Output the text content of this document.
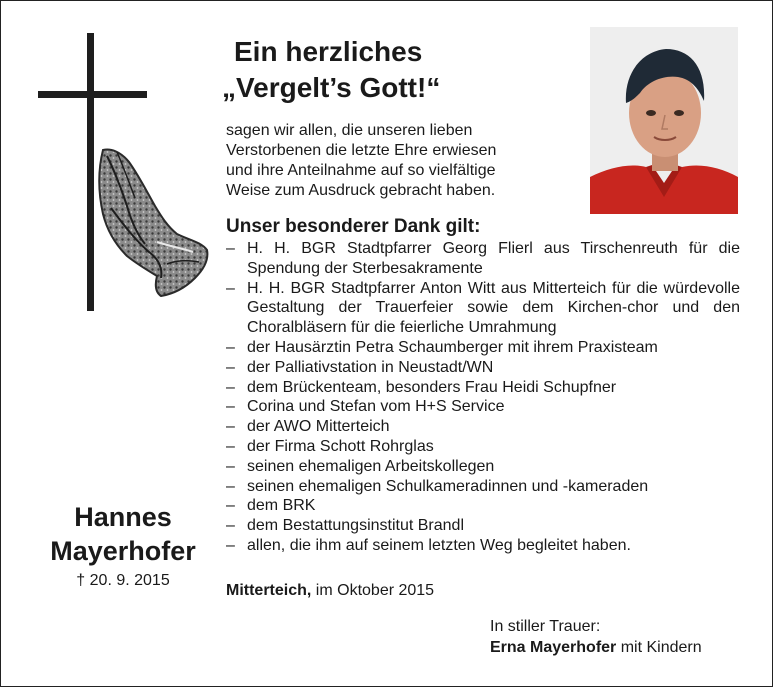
Ein herzliches
„Vergelt’s Gott!“
sagen wir allen, die unseren lieben
Verstorbenen die letzte Ehre erwiesen
und ihre Anteilnahme auf so vielfältige
Weise zum Ausdruck gebracht haben.
Unser besonderer Dank gilt:
– H. H. BGR Stadtpfarrer Georg Flierl aus Tirschenreuth für die Spendung der Sterbesakramente
– H. H. BGR Stadtpfarrer Anton Witt aus Mitterteich für die würdevolle Gestaltung der Trauerfeier sowie dem Kirchen-chor und den Choralbläsern für die feierliche Umrahmung
– der Hausärztin Petra Schaumberger mit ihrem Praxisteam
– der Palliativstation in Neustadt/WN
– dem Brückenteam, besonders Frau Heidi Schupfner
– Corina und Stefan vom H+S Service
– der AWO Mitterteich
– der Firma Schott Rohrglas
– seinen ehemaligen Arbeitskollegen
– seinen ehemaligen Schulkameradinnen und -kameraden
– dem BRK
– dem Bestattungsinstitut Brandl
– allen, die ihm auf seinem letzten Weg begleitet haben.
Hannes
Mayerhofer
† 20. 9. 2015
Mitterteich, im Oktober 2015
In stiller Trauer:
Erna Mayerhofer mit Kindern
